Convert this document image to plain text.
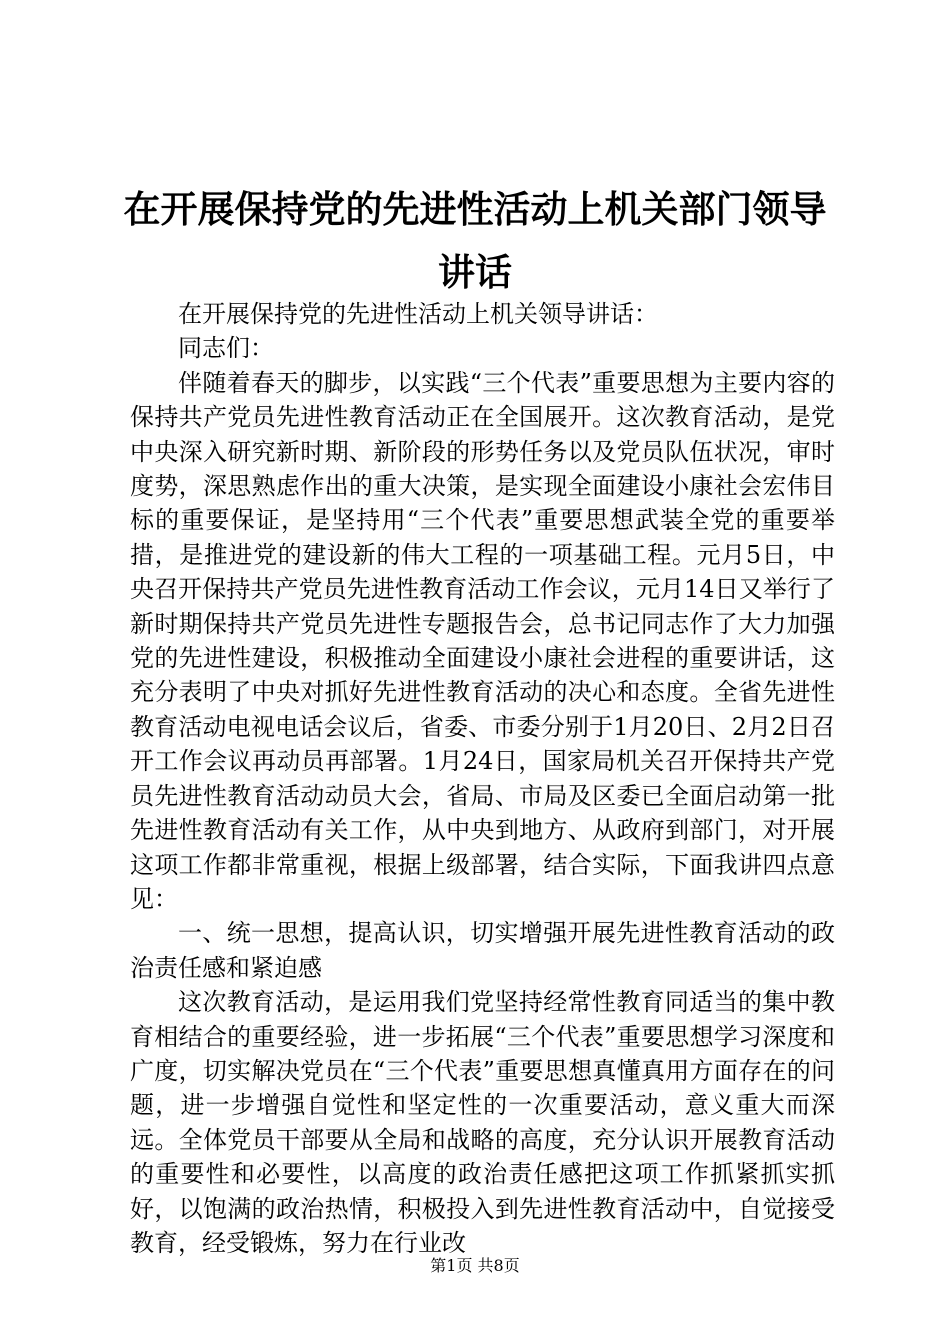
在开展保持党的先进性活动上机关部门领导讲话

在开展保持党的先进性活动上机关领导讲话：

同志们：

伴随着春天的脚步，以实践“三个代表”重要思想为主要内容的保持共产党员先进性教育活动正在全国展开。这次教育活动，是党中央深入研究新时期、新阶段的形势任务以及党员队伍状况，审时度势，深思熟虑作出的重大决策，是实现全面建设小康社会宏伟目标的重要保证，是坚持用“三个代表”重要思想武装全党的重要举措，是推进党的建设新的伟大工程的一项基础工程。元月5日，中央召开保持共产党员先进性教育活动工作会议，元月14日又举行了新时期保持共产党员先进性专题报告会，总书记同志作了大力加强党的先进性建设，积极推动全面建设小康社会进程的重要讲话，这充分表明了中央对抓好先进性教育活动的决心和态度。全省先进性教育活动电视电话会议后，省委、市委分别于1月20日、2月2日召开工作会议再动员再部署。1月24日，国家局机关召开保持共产党员先进性教育活动动员大会，省局、市局及区委已全面启动第一批先进性教育活动有关工作，从中央到地方、从政府到部门，对开展这项工作都非常重视，根据上级部署，结合实际，下面我讲四点意见：

一、统一思想，提高认识，切实增强开展先进性教育活动的政治责任感和紧迫感

这次教育活动，是运用我们党坚持经常性教育同适当的集中教育相结合的重要经验，进一步拓展“三个代表”重要思想学习深度和广度，切实解决党员在“三个代表”重要思想真懂真用方面存在的问题，进一步增强自觉性和坚定性的一次重要活动，意义重大而深远。全体党员干部要从全局和战略的高度，充分认识开展教育活动的重要性和必要性，以高度的政治责任感把这项工作抓紧抓实抓好，以饱满的政治热情，积极投入到先进性教育活动中，自觉接受教育，经受锻炼，努力在行业改

第1页 共8页
